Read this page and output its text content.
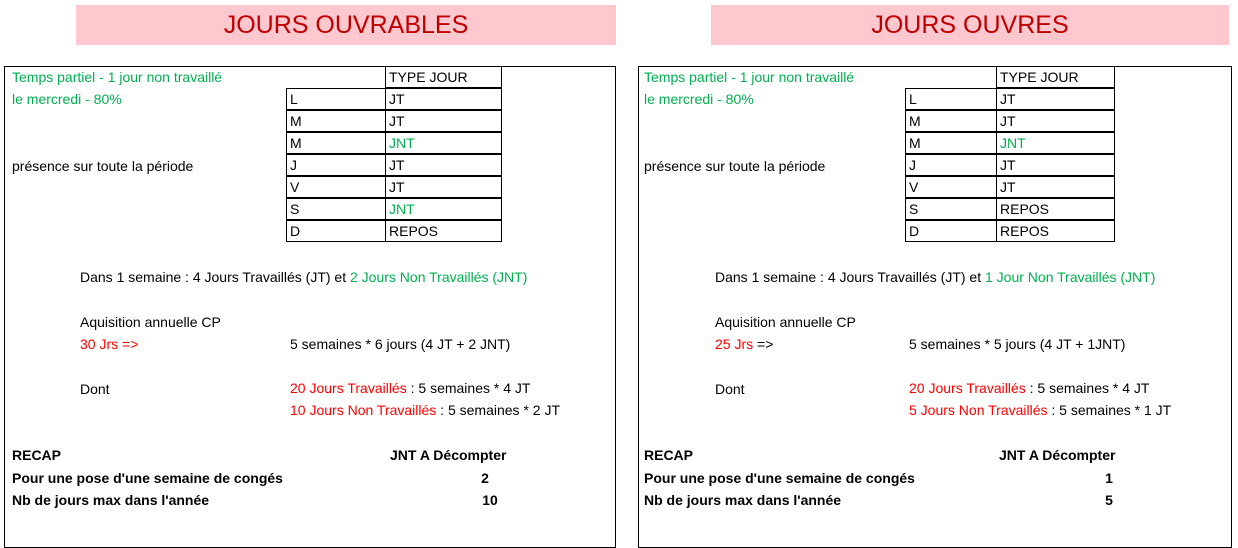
JOURS OUVRABLES
Temps partiel - 1 jour non travaillé
le mercredi - 80%
présence sur toute la période
TYPE JOUR
L	JT
M	JT
M	JNT
J	JT
V	JT
S	JNT
D	REPOS
Dans 1 semaine : 4 Jours Travaillés (JT) et 2 Jours Non Travaillés (JNT)
Aquisition annuelle CP
30 Jrs =>	5 semaines * 6 jours (4 JT + 2 JNT)
Dont	20 Jours Travaillés : 5 semaines * 4 JT
10 Jours Non Travaillés : 5 semaines * 2 JT
RECAP	JNT A Décompter
Pour une pose d'une semaine de congés	2
Nb de jours max dans l'année	10
JOURS OUVRES
Temps partiel - 1 jour non travaillé
le mercredi - 80%
présence sur toute la période
TYPE JOUR
L	JT
M	JT
M	JNT
J	JT
V	JT
S	REPOS
D	REPOS
Dans 1 semaine : 4 Jours Travaillés (JT) et 1 Jour Non Travaillés (JNT)
Aquisition annuelle CP
25 Jrs =>	5 semaines * 5 jours (4 JT + 1JNT)
Dont	20 Jours Travaillés : 5 semaines * 4 JT
5 Jours Non Travaillés : 5 semaines * 1 JT
RECAP	JNT A Décompter
Pour une pose d'une semaine de congés	1
Nb de jours max dans l'année	5
